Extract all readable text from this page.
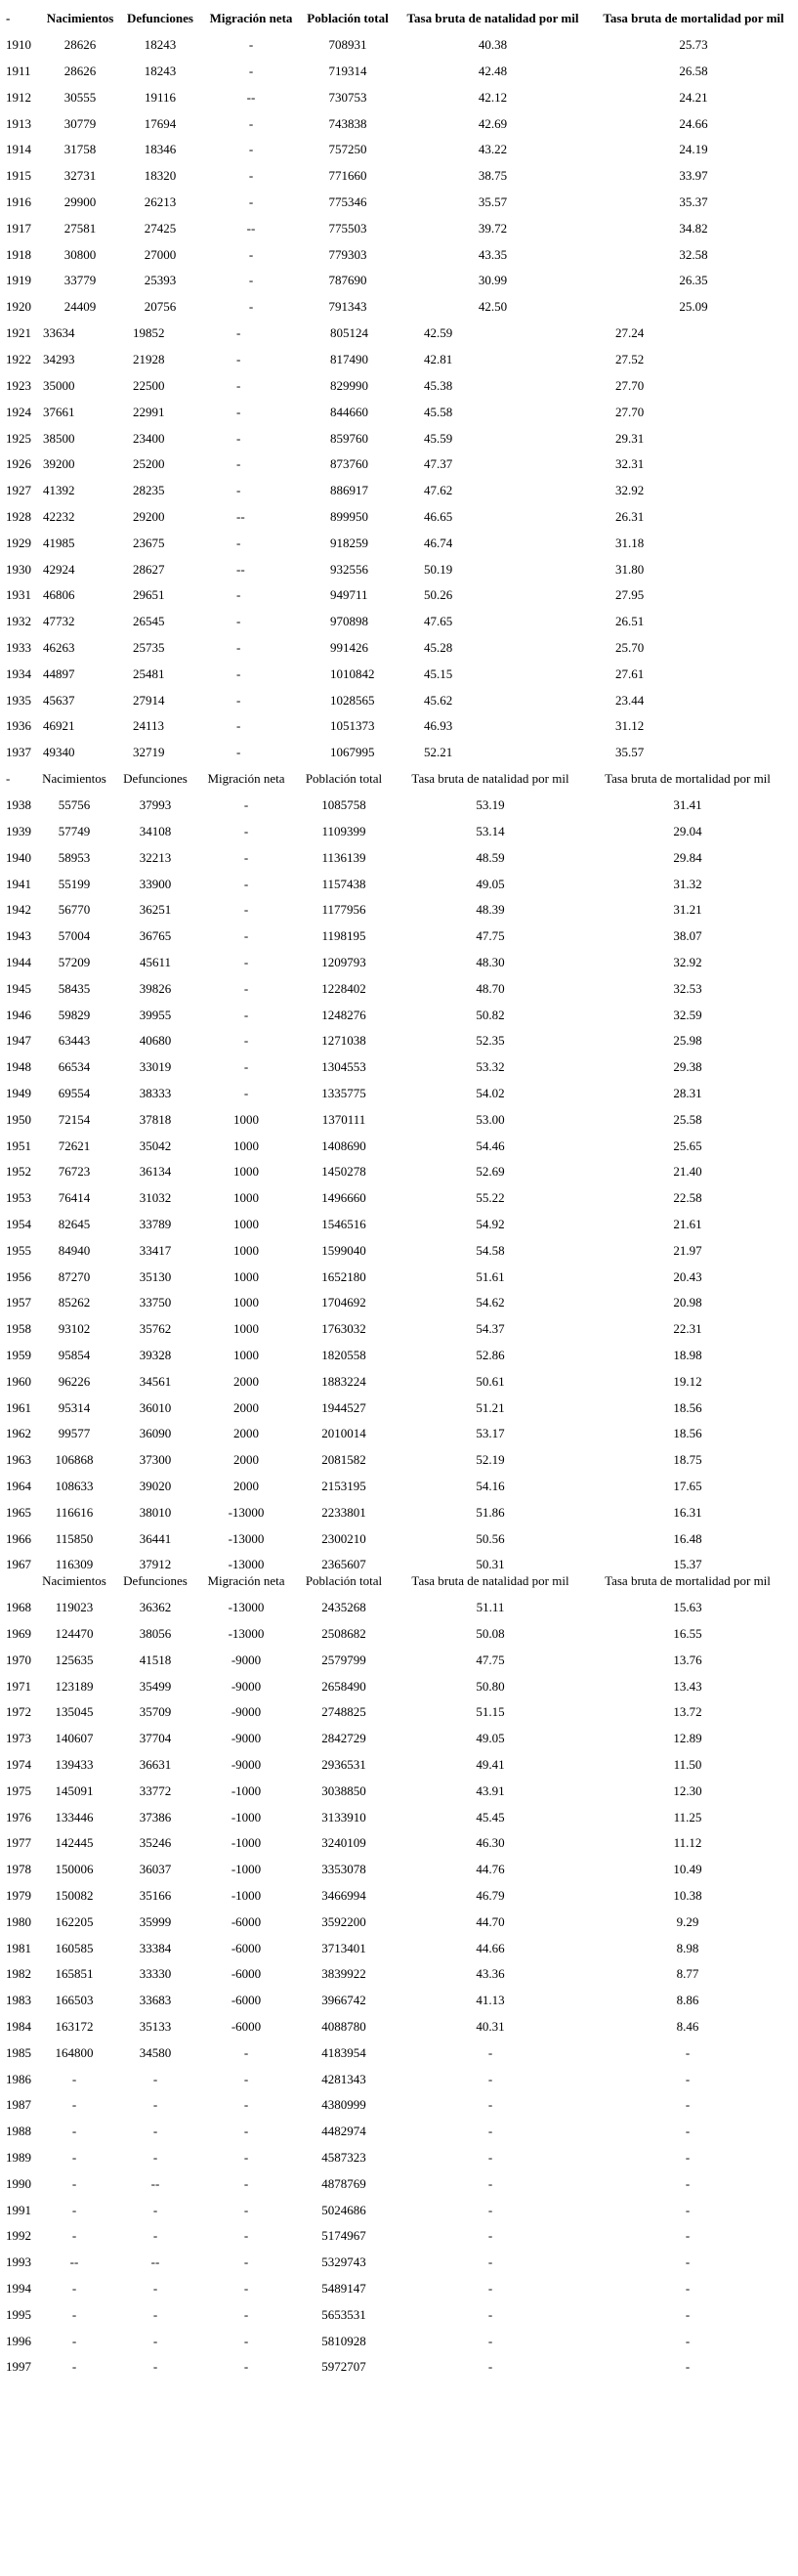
-	Nacimientos	Defunciones	Migración neta	Población total	Tasa bruta de natalidad por mil	Tasa bruta de mortalidad por mil
1910	28626	18243	-	708931	40.38	25.73
1911	28626	18243	-	719314	42.48	26.58
1912	30555	19116	--	730753	42.12	24.21
1913	30779	17694	-	743838	42.69	24.66
1914	31758	18346	-	757250	43.22	24.19
1915	32731	18320	-	771660	38.75	33.97
1916	29900	26213	-	775346	35.57	35.37
1917	27581	27425	--	775503	39.72	34.82
1918	30800	27000	-	779303	43.35	32.58
1919	33779	25393	-	787690	30.99	26.35
1920	24409	20756	-	791343	42.50	25.09
1921	33634	19852	-	805124	42.59	27.24
1922	34293	21928	-	817490	42.81	27.52
1923	35000	22500	-	829990	45.38	27.70
1924	37661	22991	-	844660	45.58	27.70
1925	38500	23400	-	859760	45.59	29.31
1926	39200	25200	-	873760	47.37	32.31
1927	41392	28235	-	886917	47.62	32.92
1928	42232	29200	--	899950	46.65	26.31
1929	41985	23675	-	918259	46.74	31.18
1930	42924	28627	--	932556	50.19	31.80
1931	46806	29651	-	949711	50.26	27.95
1932	47732	26545	-	970898	47.65	26.51
1933	46263	25735	-	991426	45.28	25.70
1934	44897	25481	-	1010842	45.15	27.61
1935	45637	27914	-	1028565	45.62	23.44
1936	46921	24113	-	1051373	46.93	31.12
1937	49340	32719	-	1067995	52.21	35.57
-	Nacimientos	Defunciones	Migración neta	Población total	Tasa bruta de natalidad por mil	Tasa bruta de mortalidad por mil
1938	55756	37993	-	1085758	53.19	31.41
1939	57749	34108	-	1109399	53.14	29.04
1940	58953	32213	-	1136139	48.59	29.84
1941	55199	33900	-	1157438	49.05	31.32
1942	56770	36251	-	1177956	48.39	31.21
1943	57004	36765	-	1198195	47.75	38.07
1944	57209	45611	-	1209793	48.30	32.92
1945	58435	39826	-	1228402	48.70	32.53
1946	59829	39955	-	1248276	50.82	32.59
1947	63443	40680	-	1271038	52.35	25.98
1948	66534	33019	-	1304553	53.32	29.38
1949	69554	38333	-	1335775	54.02	28.31
1950	72154	37818	1000	1370111	53.00	25.58
1951	72621	35042	1000	1408690	54.46	25.65
1952	76723	36134	1000	1450278	52.69	21.40
1953	76414	31032	1000	1496660	55.22	22.58
1954	82645	33789	1000	1546516	54.92	21.61
1955	84940	33417	1000	1599040	54.58	21.97
1956	87270	35130	1000	1652180	51.61	20.43
1957	85262	33750	1000	1704692	54.62	20.98
1958	93102	35762	1000	1763032	54.37	22.31
1959	95854	39328	1000	1820558	52.86	18.98
1960	96226	34561	2000	1883224	50.61	19.12
1961	95314	36010	2000	1944527	51.21	18.56
1962	99577	36090	2000	2010014	53.17	18.56
1963	106868	37300	2000	2081582	52.19	18.75
1964	108633	39020	2000	2153195	54.16	17.65
1965	116616	38010	-13000	2233801	51.86	16.31
1966	115850	36441	-13000	2300210	50.56	16.48
1967	116309	37912	-13000	2365607	50.31	15.37
	Nacimientos	Defunciones	Migración neta	Población total	Tasa bruta de natalidad por mil	Tasa bruta de mortalidad por mil
1968	119023	36362	-13000	2435268	51.11	15.63
1969	124470	38056	-13000	2508682	50.08	16.55
1970	125635	41518	-9000	2579799	47.75	13.76
1971	123189	35499	-9000	2658490	50.80	13.43
1972	135045	35709	-9000	2748825	51.15	13.72
1973	140607	37704	-9000	2842729	49.05	12.89
1974	139433	36631	-9000	2936531	49.41	11.50
1975	145091	33772	-1000	3038850	43.91	12.30
1976	133446	37386	-1000	3133910	45.45	11.25
1977	142445	35246	-1000	3240109	46.30	11.12
1978	150006	36037	-1000	3353078	44.76	10.49
1979	150082	35166	-1000	3466994	46.79	10.38
1980	162205	35999	-6000	3592200	44.70	9.29
1981	160585	33384	-6000	3713401	44.66	8.98
1982	165851	33330	-6000	3839922	43.36	8.77
1983	166503	33683	-6000	3966742	41.13	8.86
1984	163172	35133	-6000	4088780	40.31	8.46
1985	164800	34580	-	4183954	-	-
1986	-	-	-	4281343	-	-
1987	-	-	-	4380999	-	-
1988	-	-	-	4482974	-	-
1989	-	-	-	4587323	-	-
1990	-	--	-	4878769	-	-
1991	-	-	-	5024686	-	-
1992	-	-	-	5174967	-	-
1993	--	--	-	5329743	-	-
1994	-	-	-	5489147	-	-
1995	-	-	-	5653531	-	-
1996	-	-	-	5810928	-	-
1997	-	-	-	5972707	-	-
